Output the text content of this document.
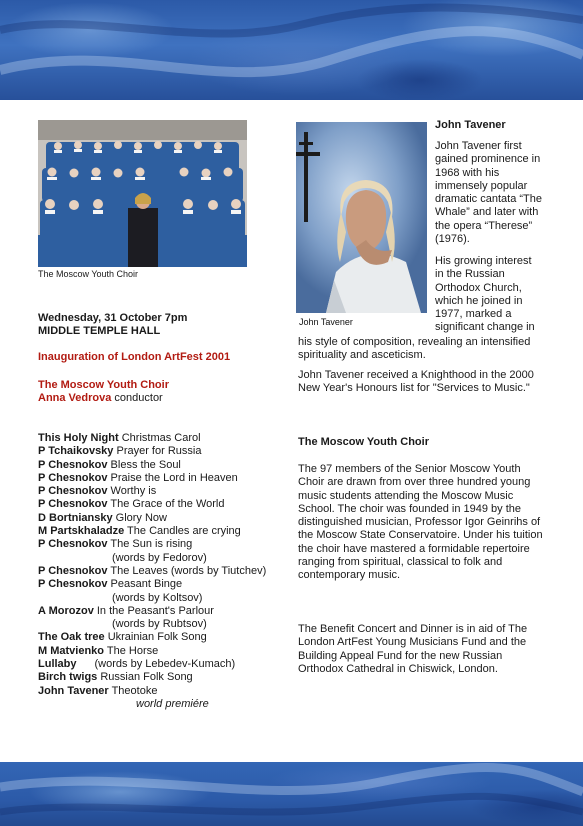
The Moscow Youth Choir
John Tavener
Wednesday, 31 October 7pm
MIDDLE TEMPLE HALL
Inauguration of London ArtFest 2001
The Moscow Youth Choir
Anna Vedrova conductor
This Holy Night Christmas Carol
P Tchaikovsky Prayer for Russia
P Chesnokov Bless the Soul
P Chesnokov Praise the Lord in Heaven
P Chesnokov Worthy is
P Chesnokov The Grace of the World
D Bortniansky Glory Now
M Partskhaladze The Candles are crying
P Chesnokov The Sun is rising
(words by Fedorov)
P Chesnokov The Leaves (words by Tiutchev)
P Chesnokov Peasant Binge
(words by Koltsov)
A Morozov In the Peasant's Parlour
(words by Rubtsov)
The Oak tree Ukrainian Folk Song
M Matvienko The Horse
Lullaby (words by Lebedev-Kumach)
Birch twigs Russian Folk Song
John Tavener Theotoke
world premiére
John Tavener
John Tavener first gained prominence in 1968 with his immensely popular dramatic cantata “The Whale” and later with the opera “Therese” (1976).
His growing interest
in the Russian
Orthodox Church,
which he joined in
1977, marked a
significant change in
his style of composition, revealing an intensified spirituality and asceticism.
John Tavener received a Knighthood in the 2000 New Year's Honours list for "Services to Music."
The Moscow Youth Choir
The 97 members of the Senior Moscow Youth Choir are drawn from over three hundred young music students attending the Moscow Music School. The choir was founded in 1949 by the distinguished musician, Professor Igor Geinrihs of the Moscow State Conservatoire. Under his tuition the choir have mastered a formidable repertoire ranging from spiritual, classical to folk and contemporary music.
The Benefit Concert and Dinner is in aid of The London ArtFest Young Musicians Fund and the Building Appeal Fund for the new Russian Orthodox Cathedral in Chiswick, London.
